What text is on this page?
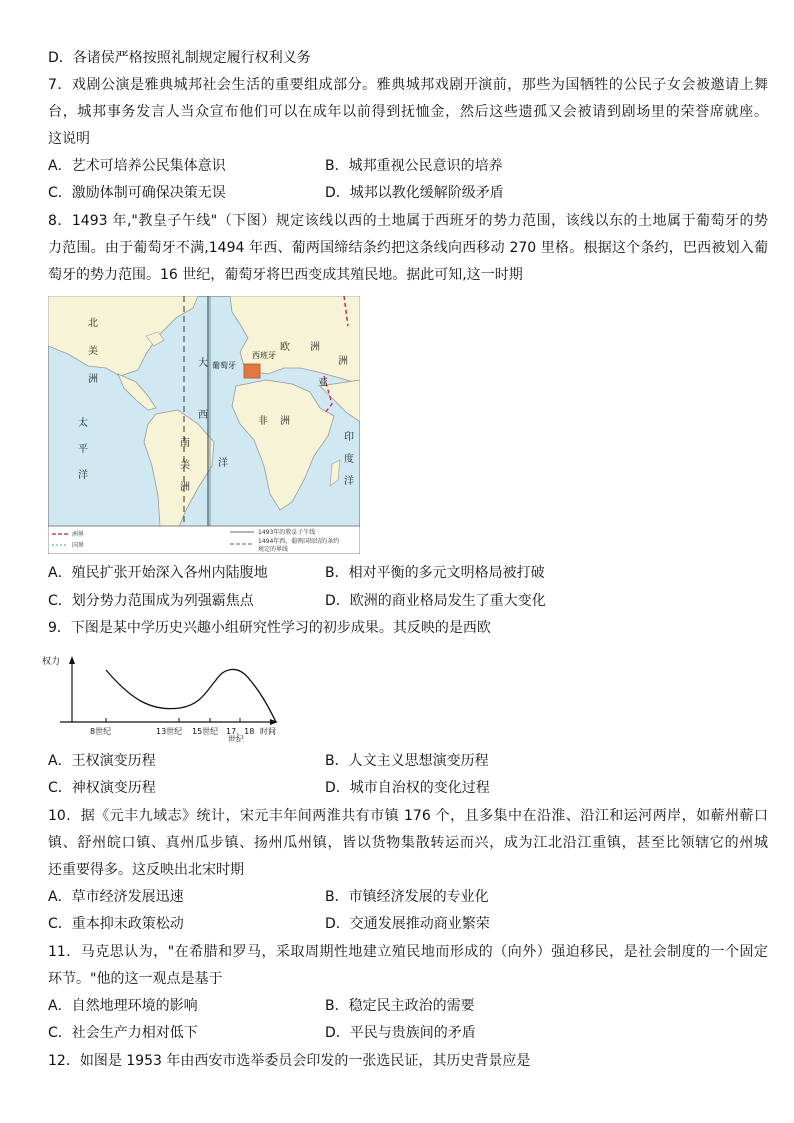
D．各诸侯严格按照礼制规定履行权利义务
7．戏剧公演是雅典城邦社会生活的重要组成部分。雅典城邦戏剧开演前，那些为国牺牲的公民子女会被邀请上舞
台，城邦事务发言人当众宣布他们可以在成年以前得到抚恤金，然后这些遗孤又会被请到剧场里的荣誉席就座。
这说明
A．艺术可培养公民集体意识	B．城邦重视公民意识的培养
C．激励体制可确保决策无误	D．城邦以教化缓解阶级矛盾
8．1493 年,"教皇子午线"（下图）规定该线以西的土地属于西班牙的势力范围，该线以东的土地属于葡萄牙的势
力范围。由于葡萄牙不满,1494 年西、葡两国缔结条约把这条线向西移动 270 里格。根据这个条约，巴西被划入葡
萄牙的势力范围。16 世纪，葡萄牙将巴西变成其殖民地。据此可知,这一时期
北
美
洲
南
美
洲
太
平
洋
大
西
洋
欧 洲
亚
洲
非 洲
印
度
洋
葡萄牙
西班牙
洲界
国界
1493年的教皇子午线
1494年西、葡两国缔结的条约
规定的界线
A．殖民扩张开始深入各州内陆腹地	B．相对平衡的多元文明格局被打破
C．划分势力范围成为列强霸焦点	D．欧洲的商业格局发生了重大变化
9．下图是某中学历史兴趣小组研究性学习的初步成果。其反映的是西欧
权力
8世纪	13世纪 15世纪 17、18 时间
世纪
A．王权演变历程	B．人文主义思想演变历程
C．神权演变历程	D．城市自治权的变化过程
10．据《元丰九域志》统计，宋元丰年间两淮共有市镇 176 个，且多集中在沿淮、沿江和运河两岸，如蕲州蕲口
镇、舒州皖口镇、真州瓜步镇、扬州瓜州镇，皆以货物集散转运而兴，成为江北沿江重镇，甚至比领辖它的州城
还重要得多。这反映出北宋时期
A．草市经济发展迅速	B．市镇经济发展的专业化
C．重本抑末政策松动	D．交通发展推动商业繁荣
11．马克思认为，"在希腊和罗马，采取周期性地建立殖民地而形成的（向外）强迫移民，是社会制度的一个固定
环节。"他的这一观点是基于
A．自然地理环境的影响	B．稳定民主政治的需要
C．社会生产力相对低下	D．平民与贵族间的矛盾
12．如图是 1953 年由西安市选举委员会印发的一张选民证，其历史背景应是
